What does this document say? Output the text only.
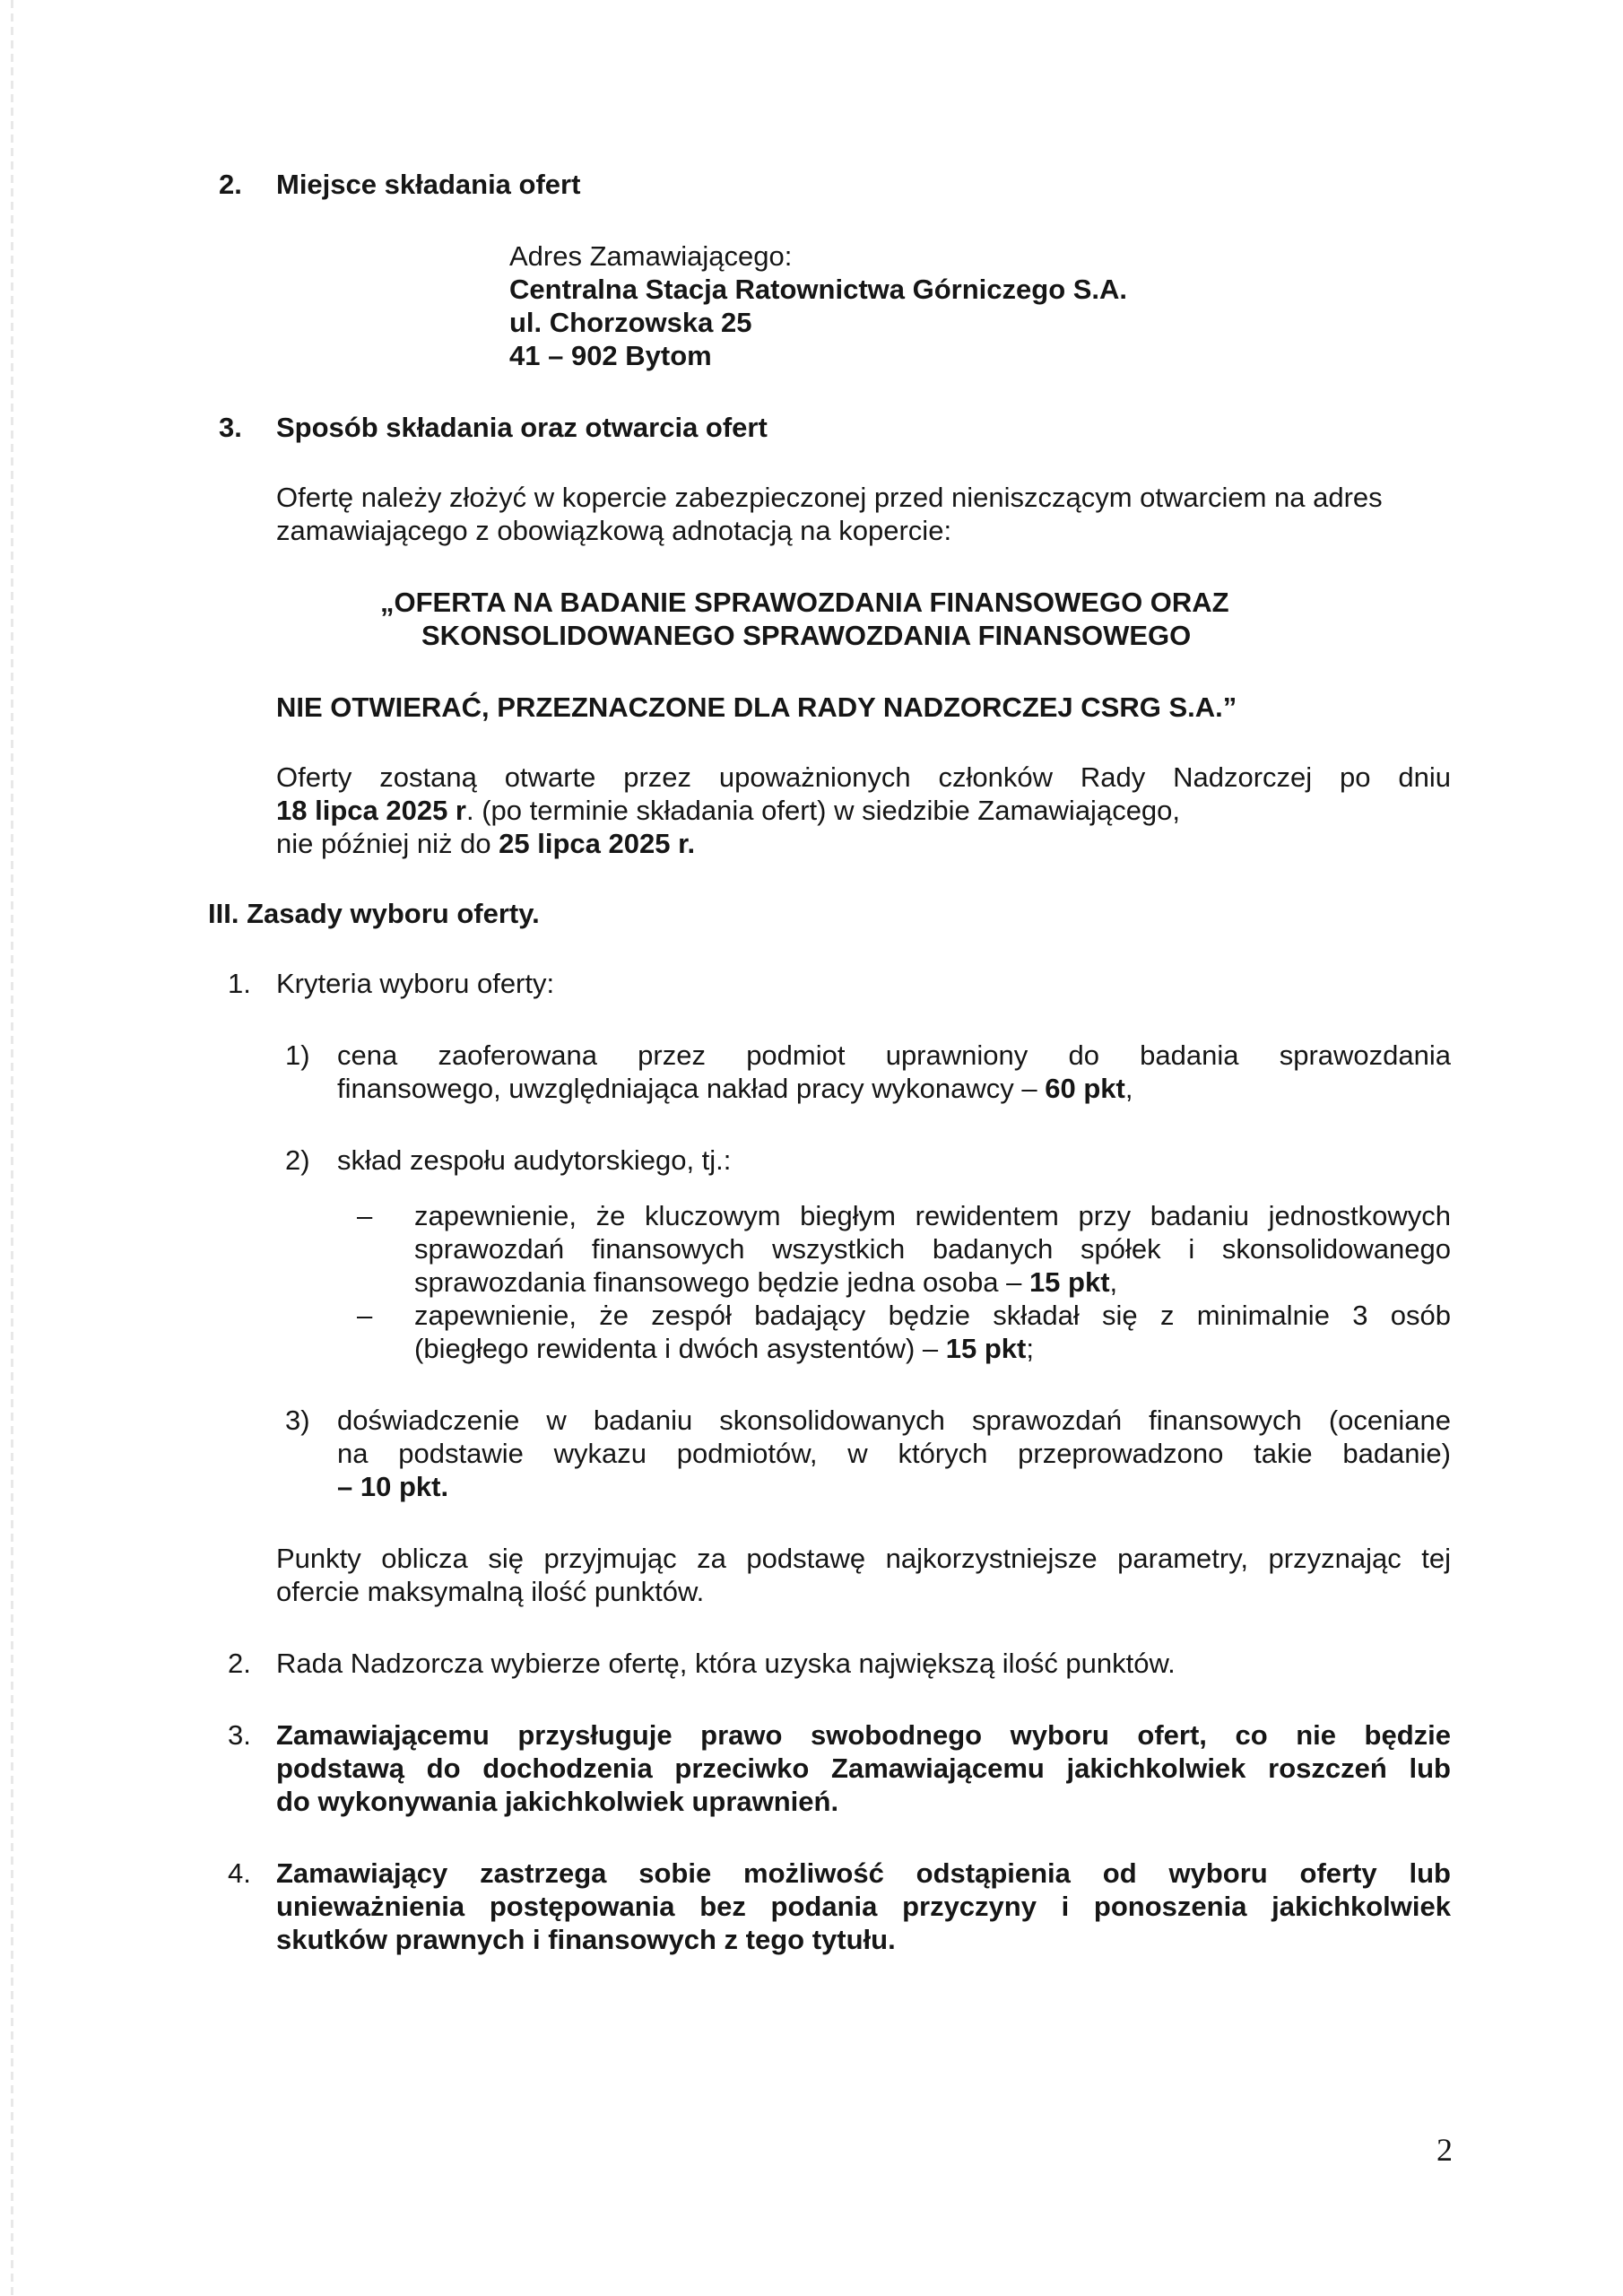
2. Miejsce składania ofert
Adres Zamawiającego:
Centralna Stacja Ratownictwa Górniczego S.A.
ul. Chorzowska 25
41 – 902 Bytom
3. Sposób składania oraz otwarcia ofert
Ofertę należy złożyć w kopercie zabezpieczonej przed nieniszczącym otwarciem na adres
zamawiającego z obowiązkową adnotacją na kopercie:
„OFERTA NA BADANIE SPRAWOZDANIA FINANSOWEGO ORAZ
SKONSOLIDOWANEGO SPRAWOZDANIA FINANSOWEGO
NIE OTWIERAĆ, PRZEZNACZONE DLA RADY NADZORCZEJ CSRG S.A.”
Oferty zostaną otwarte przez upoważnionych członków Rady Nadzorczej po dniu
18 lipca 2025 r. (po terminie składania ofert) w siedzibie Zamawiającego,
nie później niż do 25 lipca 2025 r.
III. Zasady wyboru oferty.
1. Kryteria wyboru oferty:
1) cena zaoferowana przez podmiot uprawniony do badania sprawozdania
finansowego, uwzględniająca nakład pracy wykonawcy – 60 pkt,
2) skład zespołu audytorskiego, tj.:
– zapewnienie, że kluczowym biegłym rewidentem przy badaniu jednostkowych
sprawozdań finansowych wszystkich badanych spółek i skonsolidowanego
sprawozdania finansowego będzie jedna osoba – 15 pkt,
– zapewnienie, że zespół badający będzie składał się z minimalnie 3 osób
(biegłego rewidenta i dwóch asystentów) – 15 pkt;
3) doświadczenie w badaniu skonsolidowanych sprawozdań finansowych (oceniane
na podstawie wykazu podmiotów, w których przeprowadzono takie badanie)
– 10 pkt.
Punkty oblicza się przyjmując za podstawę najkorzystniejsze parametry, przyznając tej
ofercie maksymalną ilość punktów.
2. Rada Nadzorcza wybierze ofertę, która uzyska największą ilość punktów.
3. Zamawiającemu przysługuje prawo swobodnego wyboru ofert, co nie będzie
podstawą do dochodzenia przeciwko Zamawiającemu jakichkolwiek roszczeń lub
do wykonywania jakichkolwiek uprawnień.
4. Zamawiający zastrzega sobie możliwość odstąpienia od wyboru oferty lub
unieważnienia postępowania bez podania przyczyny i ponoszenia jakichkolwiek
skutków prawnych i finansowych z tego tytułu.
2
